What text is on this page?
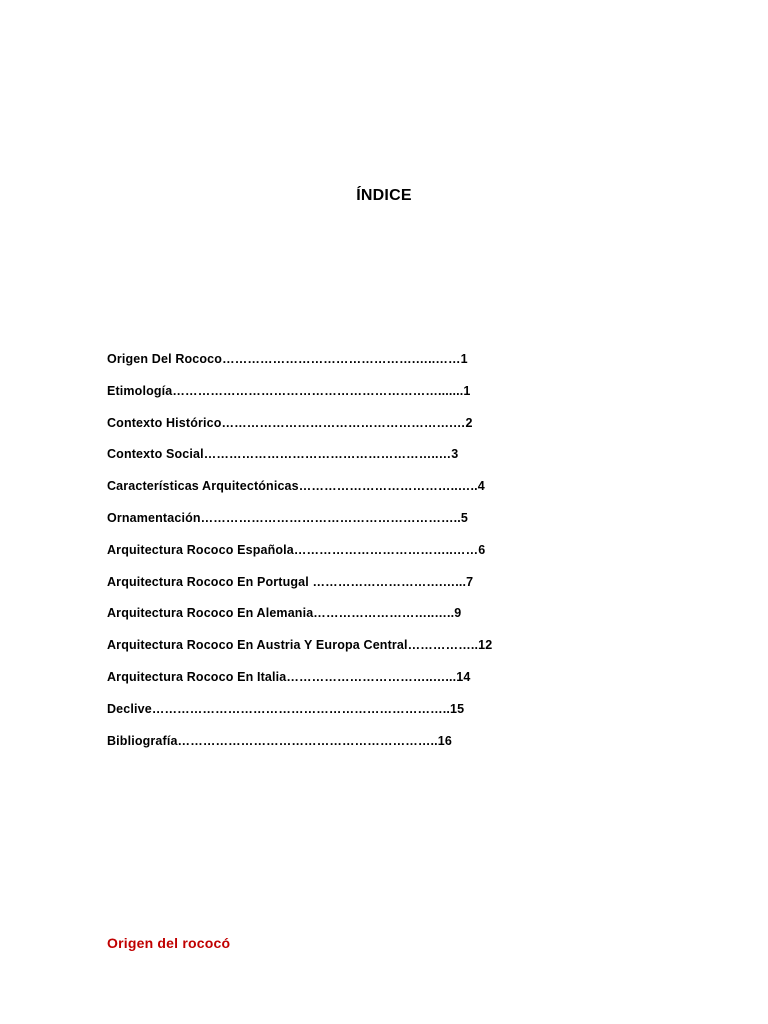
ÍNDICE
Origen Del Rococo……………………………………….…..……1
Etimología……………………………………………………….......1
Contexto Histórico……………………………………………….…2
Contexto Social………………………………………………..…3
Características Arquitectónicas………………………………..…..4
Ornamentación……………………………………………………..5
Arquitectura Rococo Española………………………………..……6
Arquitectura Rococo En Portugal ………………………….…...7
Arquitectura Rococo En Alemania………………………..…..9
Arquitectura Rococo En Austria Y Europa Central……………..12
Arquitectura Rococo En Italia……………………………..…...14
Declive……………………………………………………………..15
Bibliografía……………………………………………………..16
Origen del rococó
